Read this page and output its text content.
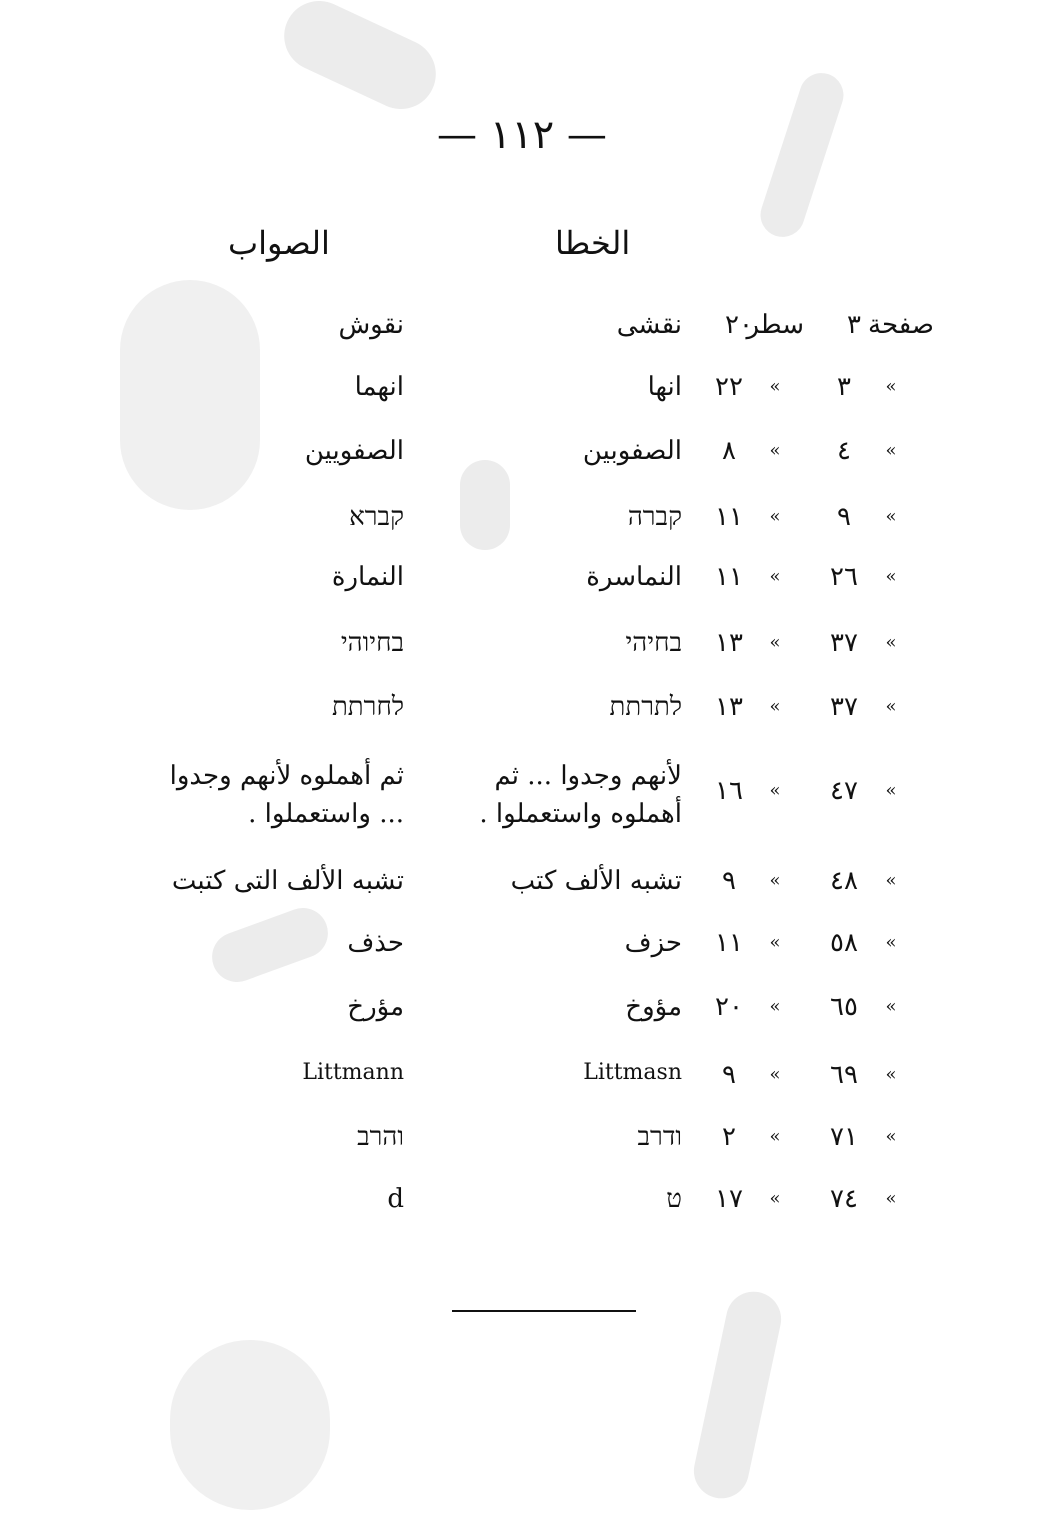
— ١١٢ —
الخطا
الصواب
صفحة
٣
سطر
٢٠
نقشى
نقوش
»
٣
»
٢٢
انها
انهما
»
٤
»
٨
الصفوبين
الصفويين
»
٩
»
١١
קברה
קברא
»
٢٦
»
١١
النماسرة
النمارة
»
٣٧
»
١٣
בחיהי
בחיוהי
»
٣٧
»
١٣
לתרתת
לחרתת
»
٤٧
»
١٦
لأنهم وجدوا ... ثم
أهملوه واستعملوا .
ثم أهملوه لأنهم وجدوا
... واستعملوا .
»
٤٨
»
٩
تشبه الألف كتب
تشبه الألف التى كتبت
»
٥٨
»
١١
حزف
حذف
»
٦٥
»
٢٠
مؤوخ
مؤرخ
»
٦٩
»
٩
Littmasn
Littmann
»
٧١
»
٢
ודרב
והרב
»
٧٤
»
١٧
ט
d
